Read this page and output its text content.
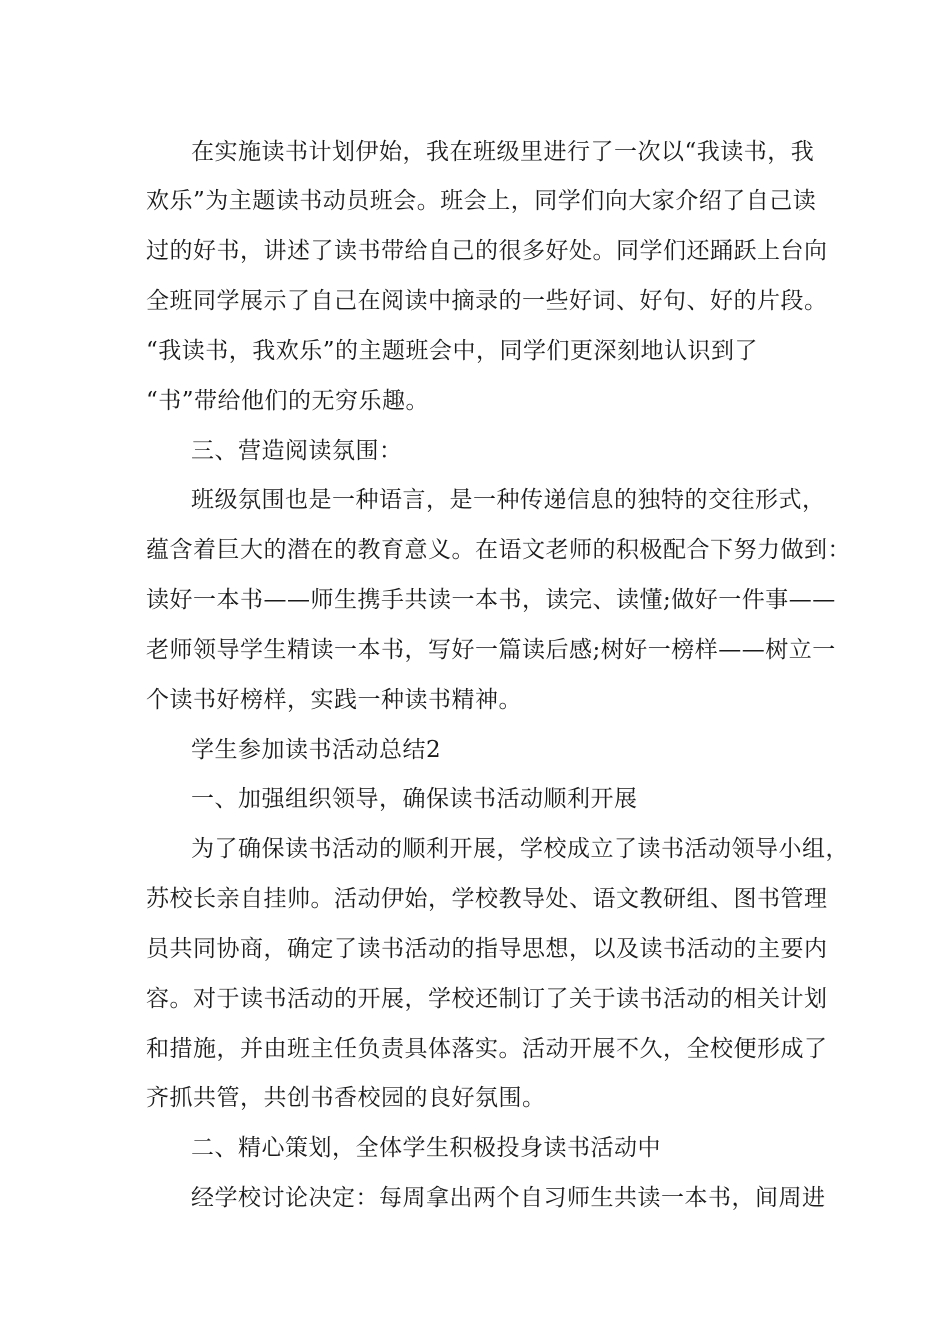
在实施读书计划伊始，我在班级里进行了一次以“我读书，我
欢乐”为主题读书动员班会。班会上，同学们向大家介绍了自己读
过的好书，讲述了读书带给自己的很多好处。同学们还踊跃上台向
全班同学展示了自己在阅读中摘录的一些好词、好句、好的片段。
“我读书，我欢乐”的主题班会中，同学们更深刻地认识到了
“书”带给他们的无穷乐趣。
三、营造阅读氛围：
班级氛围也是一种语言，是一种传递信息的独特的交往形式，
蕴含着巨大的潜在的教育意义。在语文老师的积极配合下努力做到：
读好一本书——师生携手共读一本书，读完、读懂;做好一件事——
老师领导学生精读一本书，写好一篇读后感;树好一榜样——树立一
个读书好榜样，实践一种读书精神。
学生参加读书活动总结2
一、加强组织领导，确保读书活动顺利开展
为了确保读书活动的顺利开展，学校成立了读书活动领导小组，
苏校长亲自挂帅。活动伊始，学校教导处、语文教研组、图书管理
员共同协商，确定了读书活动的指导思想，以及读书活动的主要内
容。对于读书活动的开展，学校还制订了关于读书活动的相关计划
和措施，并由班主任负责具体落实。活动开展不久，全校便形成了
齐抓共管，共创书香校园的良好氛围。
二、精心策划，全体学生积极投身读书活动中
经学校讨论决定：每周拿出两个自习师生共读一本书，间周进
